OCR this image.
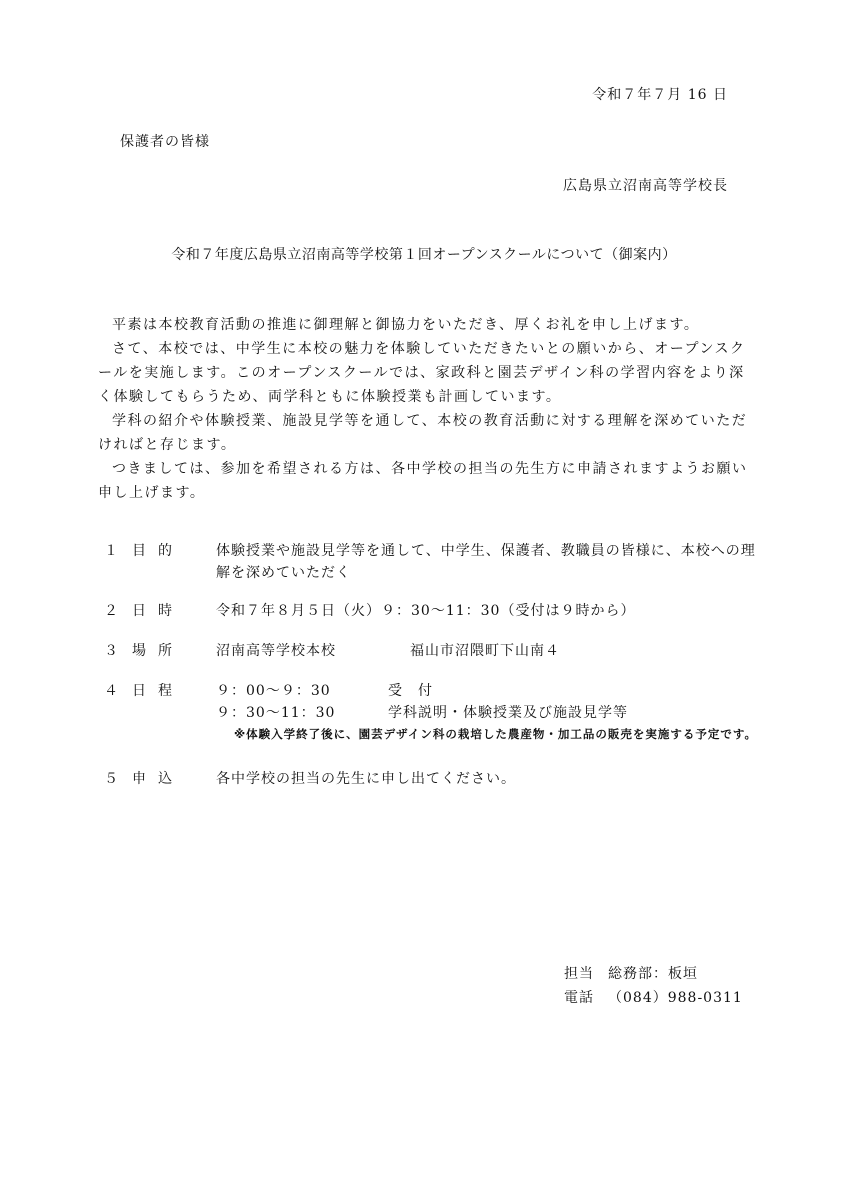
令和７年７月 16 日
保護者の皆様
広島県立沼南高等学校長
令和７年度広島県立沼南高等学校第１回オープンスクールについて（御案内）

平素は本校教育活動の推進に御理解と御協力をいただき、厚くお礼を申し上げます。

さて、本校では、中学生に本校の魅力を体験していただきたいとの願いから、オープンスクールを実施します。このオープンスクールでは、家政科と園芸デザイン科の学習内容をより深く体験してもらうため、両学科ともに体験授業も計画しています。

学科の紹介や体験授業、施設見学等を通して、本校の教育活動に対する理解を深めていただければと存じます。

つきましては、参加を希望される方は、各中学校の担当の先生方に申請されますようお願い申し上げます。

１	目的	体験授業や施設見学等を通して、中学生、保護者、教職員の皆様に、本校への理解を深めていただく
２	日時	令和７年８月５日（火）９：30〜11：30（受付は９時から）
３	場所	沼南高等学校本校	福山市沼隈町下山南４
４	日程	９：00〜９：30	受　付
９：30〜11：30	学科説明・体験授業及び施設見学等
※体験入学終了後に、園芸デザイン科の栽培した農産物・加工品の販売を実施する予定です。
５	申込	各中学校の担当の先生に申し出てください。
担当 総務部：板垣
電話 （084）988-0311
